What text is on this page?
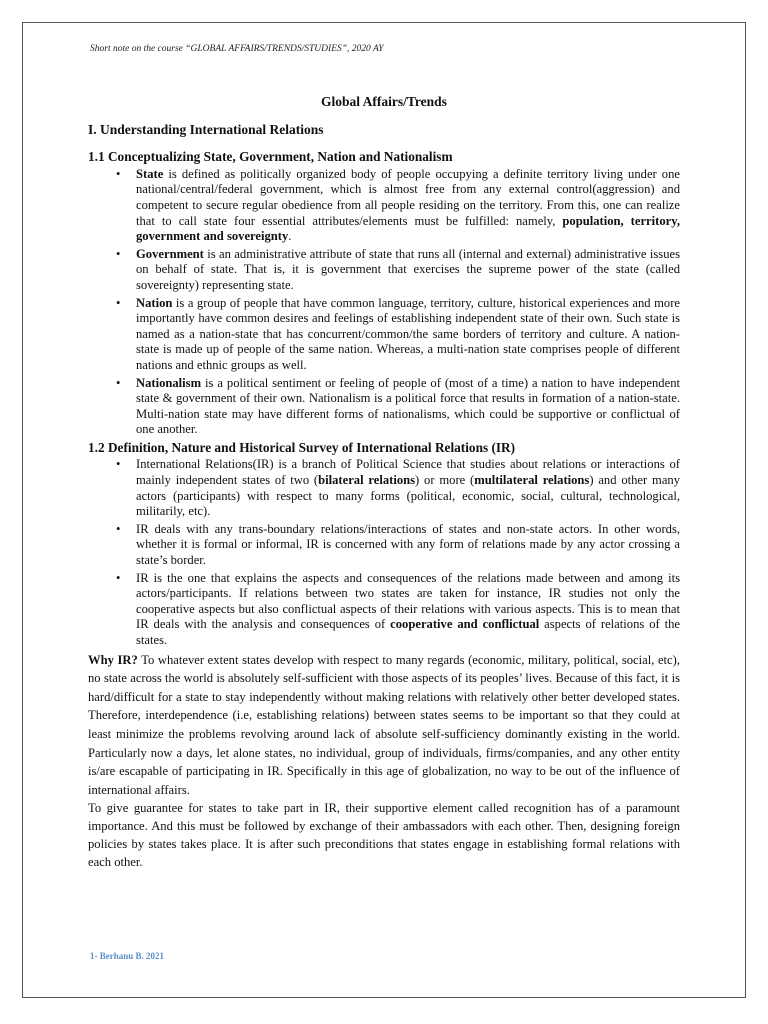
Short note on the course “GLOBAL AFFAIRS/TRENDS/STUDIES”, 2020 AY
Global Affairs/Trends
I. Understanding International Relations
1.1 Conceptualizing State, Government, Nation and Nationalism
• State is defined as politically organized body of people occupying a definite territory living under one national/central/federal government, which is almost free from any external control(aggression) and competent to secure regular obedience from all people residing on the territory. From this, one can realize that to call state four essential attributes/elements must be fulfilled: namely, population, territory, government and sovereignty.
• Government is an administrative attribute of state that runs all (internal and external) administrative issues on behalf of state. That is, it is government that exercises the supreme power of the state (called sovereignty) representing state.
• Nation is a group of people that have common language, territory, culture, historical experiences and more importantly have common desires and feelings of establishing independent state of their own. Such state is named as a nation-state that has concurrent/common/the same borders of territory and culture. A nation-state is made up of people of the same nation. Whereas, a multi-nation state comprises people of different nations and ethnic groups as well.
• Nationalism is a political sentiment or feeling of people of (most of a time) a nation to have independent state & government of their own. Nationalism is a political force that results in formation of a nation-state. Multi-nation state may have different forms of nationalisms, which could be supportive or conflictual of one another.
1.2 Definition, Nature and Historical Survey of International Relations (IR)
• International Relations(IR) is a branch of Political Science that studies about relations or interactions of mainly independent states of two (bilateral relations) or more (multilateral relations) and other many actors (participants) with respect to many forms (political, economic, social, cultural, technological, militarily, etc).
• IR deals with any trans-boundary relations/interactions of states and non-state actors. In other words, whether it is formal or informal, IR is concerned with any form of relations made by any actor crossing a state’s border.
• IR is the one that explains the aspects and consequences of the relations made between and among its actors/participants. If relations between two states are taken for instance, IR studies not only the cooperative aspects but also conflictual aspects of their relations with various aspects. This is to mean that IR deals with the analysis and consequences of cooperative and conflictual aspects of relations of the states.

Why IR? To whatever extent states develop with respect to many regards (economic, military, political, social, etc), no state across the world is absolutely self-sufficient with those aspects of its peoples’ lives. Because of this fact, it is hard/difficult for a state to stay independently without making relations with relatively other better developed states. Therefore, interdependence (i.e, establishing relations) between states seems to be important so that they could at least minimize the problems revolving around lack of absolute self-sufficiency dominantly existing in the world. Particularly now a days, let alone states, no individual, group of individuals, firms/companies, and any other entity is/are escapable of participating in IR. Specifically in this age of globalization, no way to be out of the influence of international affairs.

To give guarantee for states to take part in IR, their supportive element called recognition has of a paramount importance. And this must be followed by exchange of their ambassadors with each other. Then, designing foreign policies by states takes place. It is after such preconditions that states engage in establishing formal relations with each other.

1- Berhanu B. 2021
